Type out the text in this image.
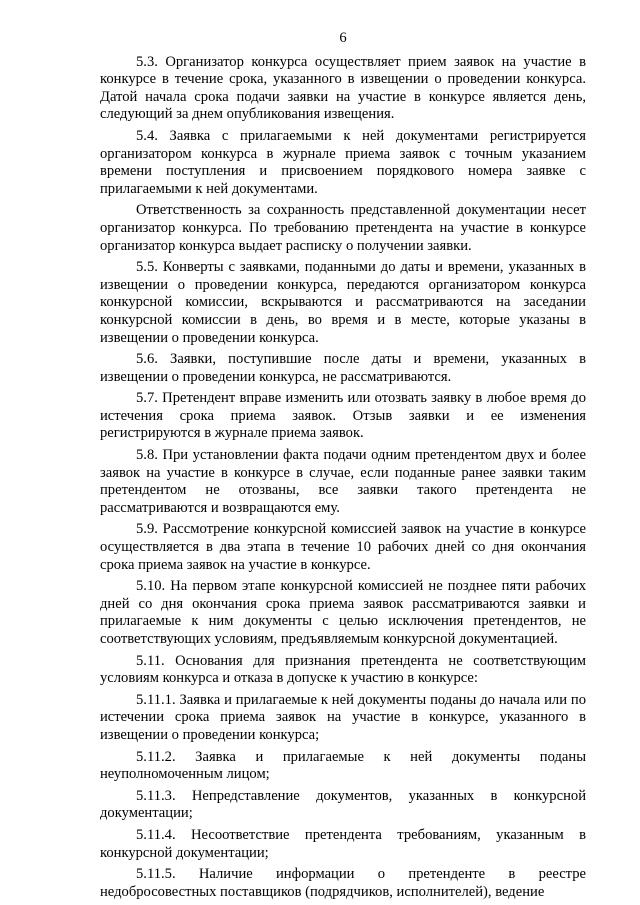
6

5.3. Организатор конкурса осуществляет прием заявок на участие в конкурсе в течение срока, указанного в извещении о проведении конкурса. Датой начала срока подачи заявки на участие в конкурсе является день, следующий за днем опубликования извещения.

5.4. Заявка с прилагаемыми к ней документами регистрируется организатором конкурса в журнале приема заявок с точным указанием времени поступления и присвоением порядкового номера заявке с прилагаемыми к ней документами.

Ответственность за сохранность представленной документации несет организатор конкурса. По требованию претендента на участие в конкурсе организатор конкурса выдает расписку о получении заявки.

5.5. Конверты с заявками, поданными до даты и времени, указанных в извещении о проведении конкурса, передаются организатором конкурса конкурсной комиссии, вскрываются и рассматриваются на заседании конкурсной комиссии в день, во время и в месте, которые указаны в извещении о проведении конкурса.

5.6. Заявки, поступившие после даты и времени, указанных в извещении о проведении конкурса, не рассматриваются.

5.7. Претендент вправе изменить или отозвать заявку в любое время до истечения срока приема заявок. Отзыв заявки и ее изменения регистрируются в журнале приема заявок.

5.8. При установлении факта подачи одним претендентом двух и более заявок на участие в конкурсе в случае, если поданные ранее заявки таким претендентом не отозваны, все заявки такого претендента не рассматриваются и возвращаются ему.

5.9. Рассмотрение конкурсной комиссией заявок на участие в конкурсе осуществляется в два этапа в течение 10 рабочих дней со дня окончания срока приема заявок на участие в конкурсе.

5.10. На первом этапе конкурсной комиссией не позднее пяти рабочих дней со дня окончания срока приема заявок рассматриваются заявки и прилагаемые к ним документы с целью исключения претендентов, не соответствующих условиям, предъявляемым конкурсной документацией.

5.11. Основания для признания претендента не соответствующим условиям конкурса и отказа в допуске к участию в конкурсе:

5.11.1. Заявка и прилагаемые к ней документы поданы до начала или по истечении срока приема заявок на участие в конкурсе, указанного в извещении о проведении конкурса;

5.11.2. Заявка и прилагаемые к ней документы поданы неуполномоченным лицом;

5.11.3. Непредставление документов, указанных в конкурсной документации;

5.11.4. Несоответствие претендента требованиям, указанным в конкурсной документации;

5.11.5. Наличие информации о претенденте в реестре недобросовестных поставщиков (подрядчиков, исполнителей), ведение
